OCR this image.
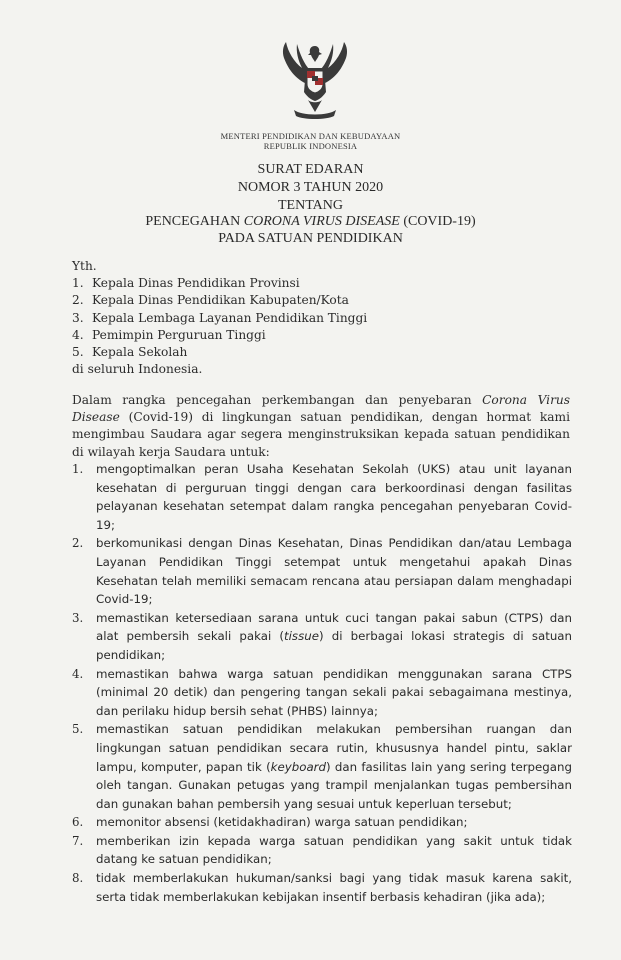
MENTERI PENDIDIKAN DAN KEBUDAYAAN
REPUBLIK INDONESIA
SURAT EDARAN
NOMOR 3 TAHUN 2020
TENTANG
PENCEGAHAN CORONA VIRUS DISEASE (COVID-19)
PADA SATUAN PENDIDIKAN
Yth.
1. Kepala Dinas Pendidikan Provinsi
2. Kepala Dinas Pendidikan Kabupaten/Kota
3. Kepala Lembaga Layanan Pendidikan Tinggi
4. Pemimpin Perguruan Tinggi
5. Kepala Sekolah
di seluruh Indonesia.
Dalam rangka pencegahan perkembangan dan penyebaran Corona Virus Disease (Covid-19) di lingkungan satuan pendidikan, dengan hormat kami mengimbau Saudara agar segera menginstruksikan kepada satuan pendidikan di wilayah kerja Saudara untuk:
1.	mengoptimalkan peran Usaha Kesehatan Sekolah (UKS) atau unit layanan kesehatan di perguruan tinggi dengan cara berkoordinasi dengan fasilitas pelayanan kesehatan setempat dalam rangka pencegahan penyebaran Covid-19;
2.	berkomunikasi dengan Dinas Kesehatan, Dinas Pendidikan dan/atau Lembaga Layanan Pendidikan Tinggi setempat untuk mengetahui apakah Dinas Kesehatan telah memiliki semacam rencana atau persiapan dalam menghadapi Covid-19;
3.	memastikan ketersediaan sarana untuk cuci tangan pakai sabun (CTPS) dan alat pembersih sekali pakai (tissue) di berbagai lokasi strategis di satuan pendidikan;
4.	memastikan bahwa warga satuan pendidikan menggunakan sarana CTPS (minimal 20 detik) dan pengering tangan sekali pakai sebagaimana mestinya, dan perilaku hidup bersih sehat (PHBS) lainnya;
5.	memastikan satuan pendidikan melakukan pembersihan ruangan dan lingkungan satuan pendidikan secara rutin, khususnya handel pintu, saklar lampu, komputer, papan tik (keyboard) dan fasilitas lain yang sering terpegang oleh tangan. Gunakan petugas yang trampil menjalankan tugas pembersihan dan gunakan bahan pembersih yang sesuai untuk keperluan tersebut;
6.	memonitor absensi (ketidakhadiran) warga satuan pendidikan;
7.	memberikan izin kepada warga satuan pendidikan yang sakit untuk tidak datang ke satuan pendidikan;
8.	tidak memberlakukan hukuman/sanksi bagi yang tidak masuk karena sakit, serta tidak memberlakukan kebijakan insentif berbasis kehadiran (jika ada);
